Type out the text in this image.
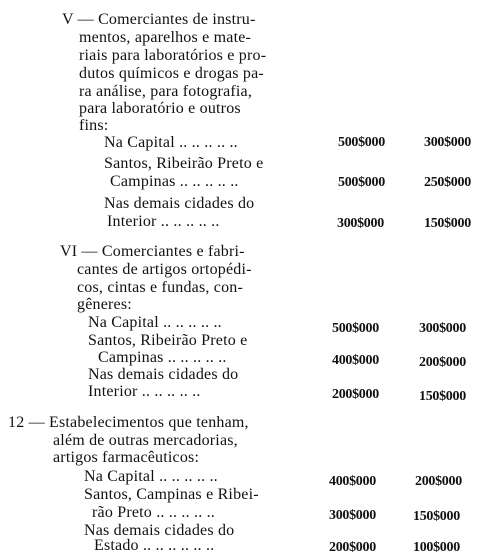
V — Comerciantes de instru-
mentos, aparelhos e mate-
riais para laboratórios e pro-
dutos químicos e drogas pa-
ra análise, para fotografia,
para laboratório e outros
fins:
Na Capital .. .. .. .. ..	500$000	300$000
Santos, Ribeirão Preto e
Campinas .. .. .. .. ..	500$000	250$000
Nas demais cidades do
Interior .. .. .. .. ..	300$000	150$000
VI — Comerciantes e fabri-
cantes de artigos ortopédi-
cos, cintas e fundas, con-
gêneres:
Na Capital .. .. .. .. ..	500$000	300$000
Santos, Ribeirão Preto e
Campinas .. .. .. .. ..	400$000	200$000
Nas demais cidades do
Interior .. .. .. .. ..	200$000	150$000
12 — Estabelecimentos que tenham,
além de outras mercadorias,
artigos farmacêuticos:
Na Capital .. .. .. .. ..	400$000	200$000
Santos, Campinas e Ribei-
rão Preto .. .. .. .. ..	300$000	150$000
Nas demais cidades do
Estado .. .. .. .. .. ..	200$000	100$000
